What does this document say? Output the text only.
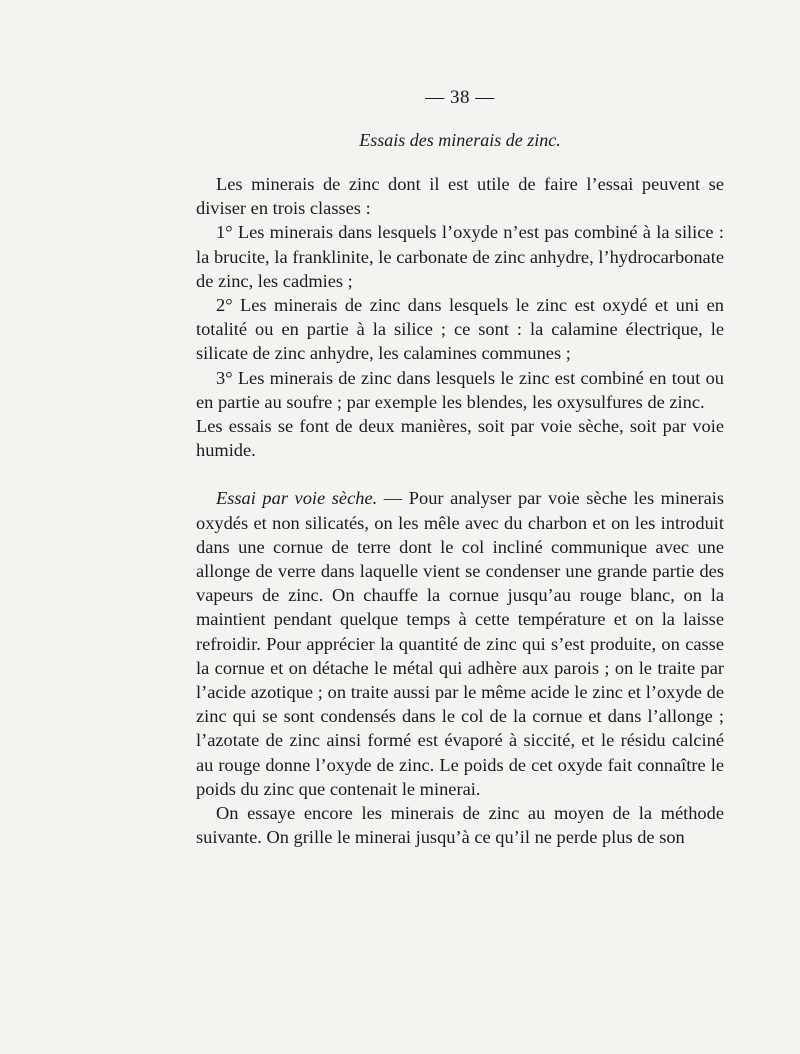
— 38 —
Essais des minerais de zinc.

Les minerais de zinc dont il est utile de faire l’essai peuvent se diviser en trois classes :

1° Les minerais dans lesquels l’oxyde n’est pas combiné à la silice : la brucite, la franklinite, le carbonate de zinc anhydre, l’hydrocarbonate de zinc, les cadmies ;

2° Les minerais de zinc dans lesquels le zinc est oxydé et uni en totalité ou en partie à la silice ; ce sont : la calamine électrique, le silicate de zinc anhydre, les calamines communes ;

3° Les minerais de zinc dans lesquels le zinc est combiné en tout ou en partie au soufre ; par exemple les blendes, les oxysulfures de zinc.

Les essais se font de deux manières, soit par voie sèche, soit par voie humide.

Essai par voie sèche. — Pour analyser par voie sèche les minerais oxydés et non silicatés, on les mêle avec du charbon et on les introduit dans une cornue de terre dont le col incliné communique avec une allonge de verre dans laquelle vient se condenser une grande partie des vapeurs de zinc. On chauffe la cornue jusqu’au rouge blanc, on la maintient pendant quelque temps à cette température et on la laisse refroidir. Pour apprécier la quantité de zinc qui s’est produite, on casse la cornue et on détache le métal qui adhère aux parois ; on le traite par l’acide azotique ; on traite aussi par le même acide le zinc et l’oxyde de zinc qui se sont condensés dans le col de la cornue et dans l’allonge ; l’azotate de zinc ainsi formé est évaporé à siccité, et le résidu calciné au rouge donne l’oxyde de zinc. Le poids de cet oxyde fait connaître le poids du zinc que contenait le minerai.

On essaye encore les minerais de zinc au moyen de la méthode suivante. On grille le minerai jusqu’à ce qu’il ne perde plus de son
